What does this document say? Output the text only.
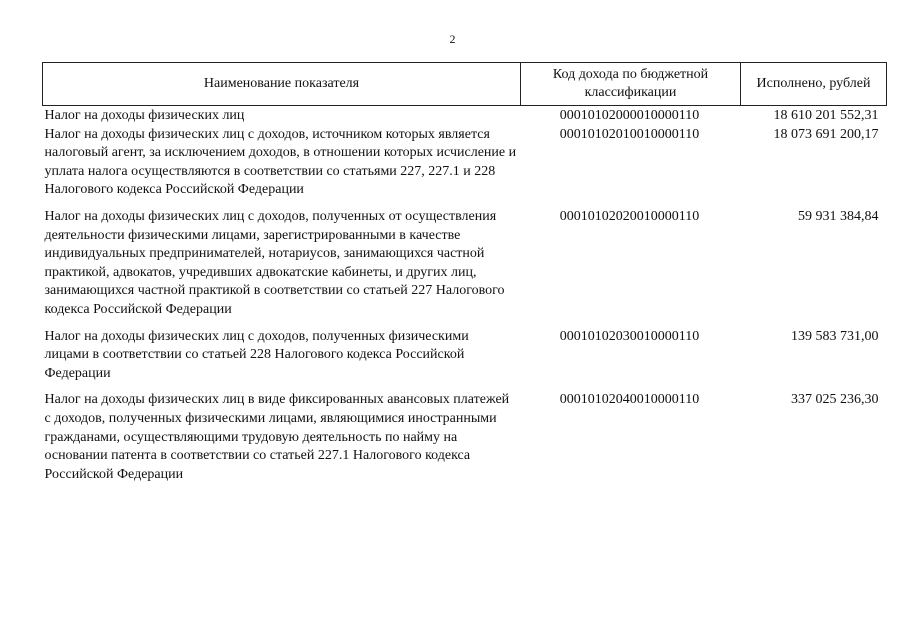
2
Наименование показателя	Код дохода по бюджетной классификации	Исполнено, рублей
Налог на доходы физических лиц	00010102000010000110	18 610 201 552,31
Налог на доходы физических лиц с доходов, источником которых является налоговый агент, за исключением доходов, в отношении которых исчисление и уплата налога осуществляются в соответствии со статьями 227, 227.1 и 228 Налогового кодекса Российской Федерации	00010102010010000110	18 073 691 200,17
Налог на доходы физических лиц с доходов, полученных от осуществления деятельности физическими лицами, зарегистрированными в качестве индивидуальных предпринимателей, нотариусов, занимающихся частной практикой, адвокатов, учредивших адвокатские кабинеты, и других лиц, занимающихся частной практикой в соответствии со статьей 227 Налогового кодекса Российской Федерации	00010102020010000110	59 931 384,84
Налог на доходы физических лиц с доходов, полученных физическими лицами в соответствии со статьей 228 Налогового кодекса Российской Федерации	00010102030010000110	139 583 731,00
Налог на доходы физических лиц в виде фиксированных авансовых платежей с доходов, полученных физическими лицами, являющимися иностранными гражданами, осуществляющими трудовую деятельность по найму на основании патента в соответствии со статьей 227.1 Налогового кодекса Российской Федерации	00010102040010000110	337 025 236,30
